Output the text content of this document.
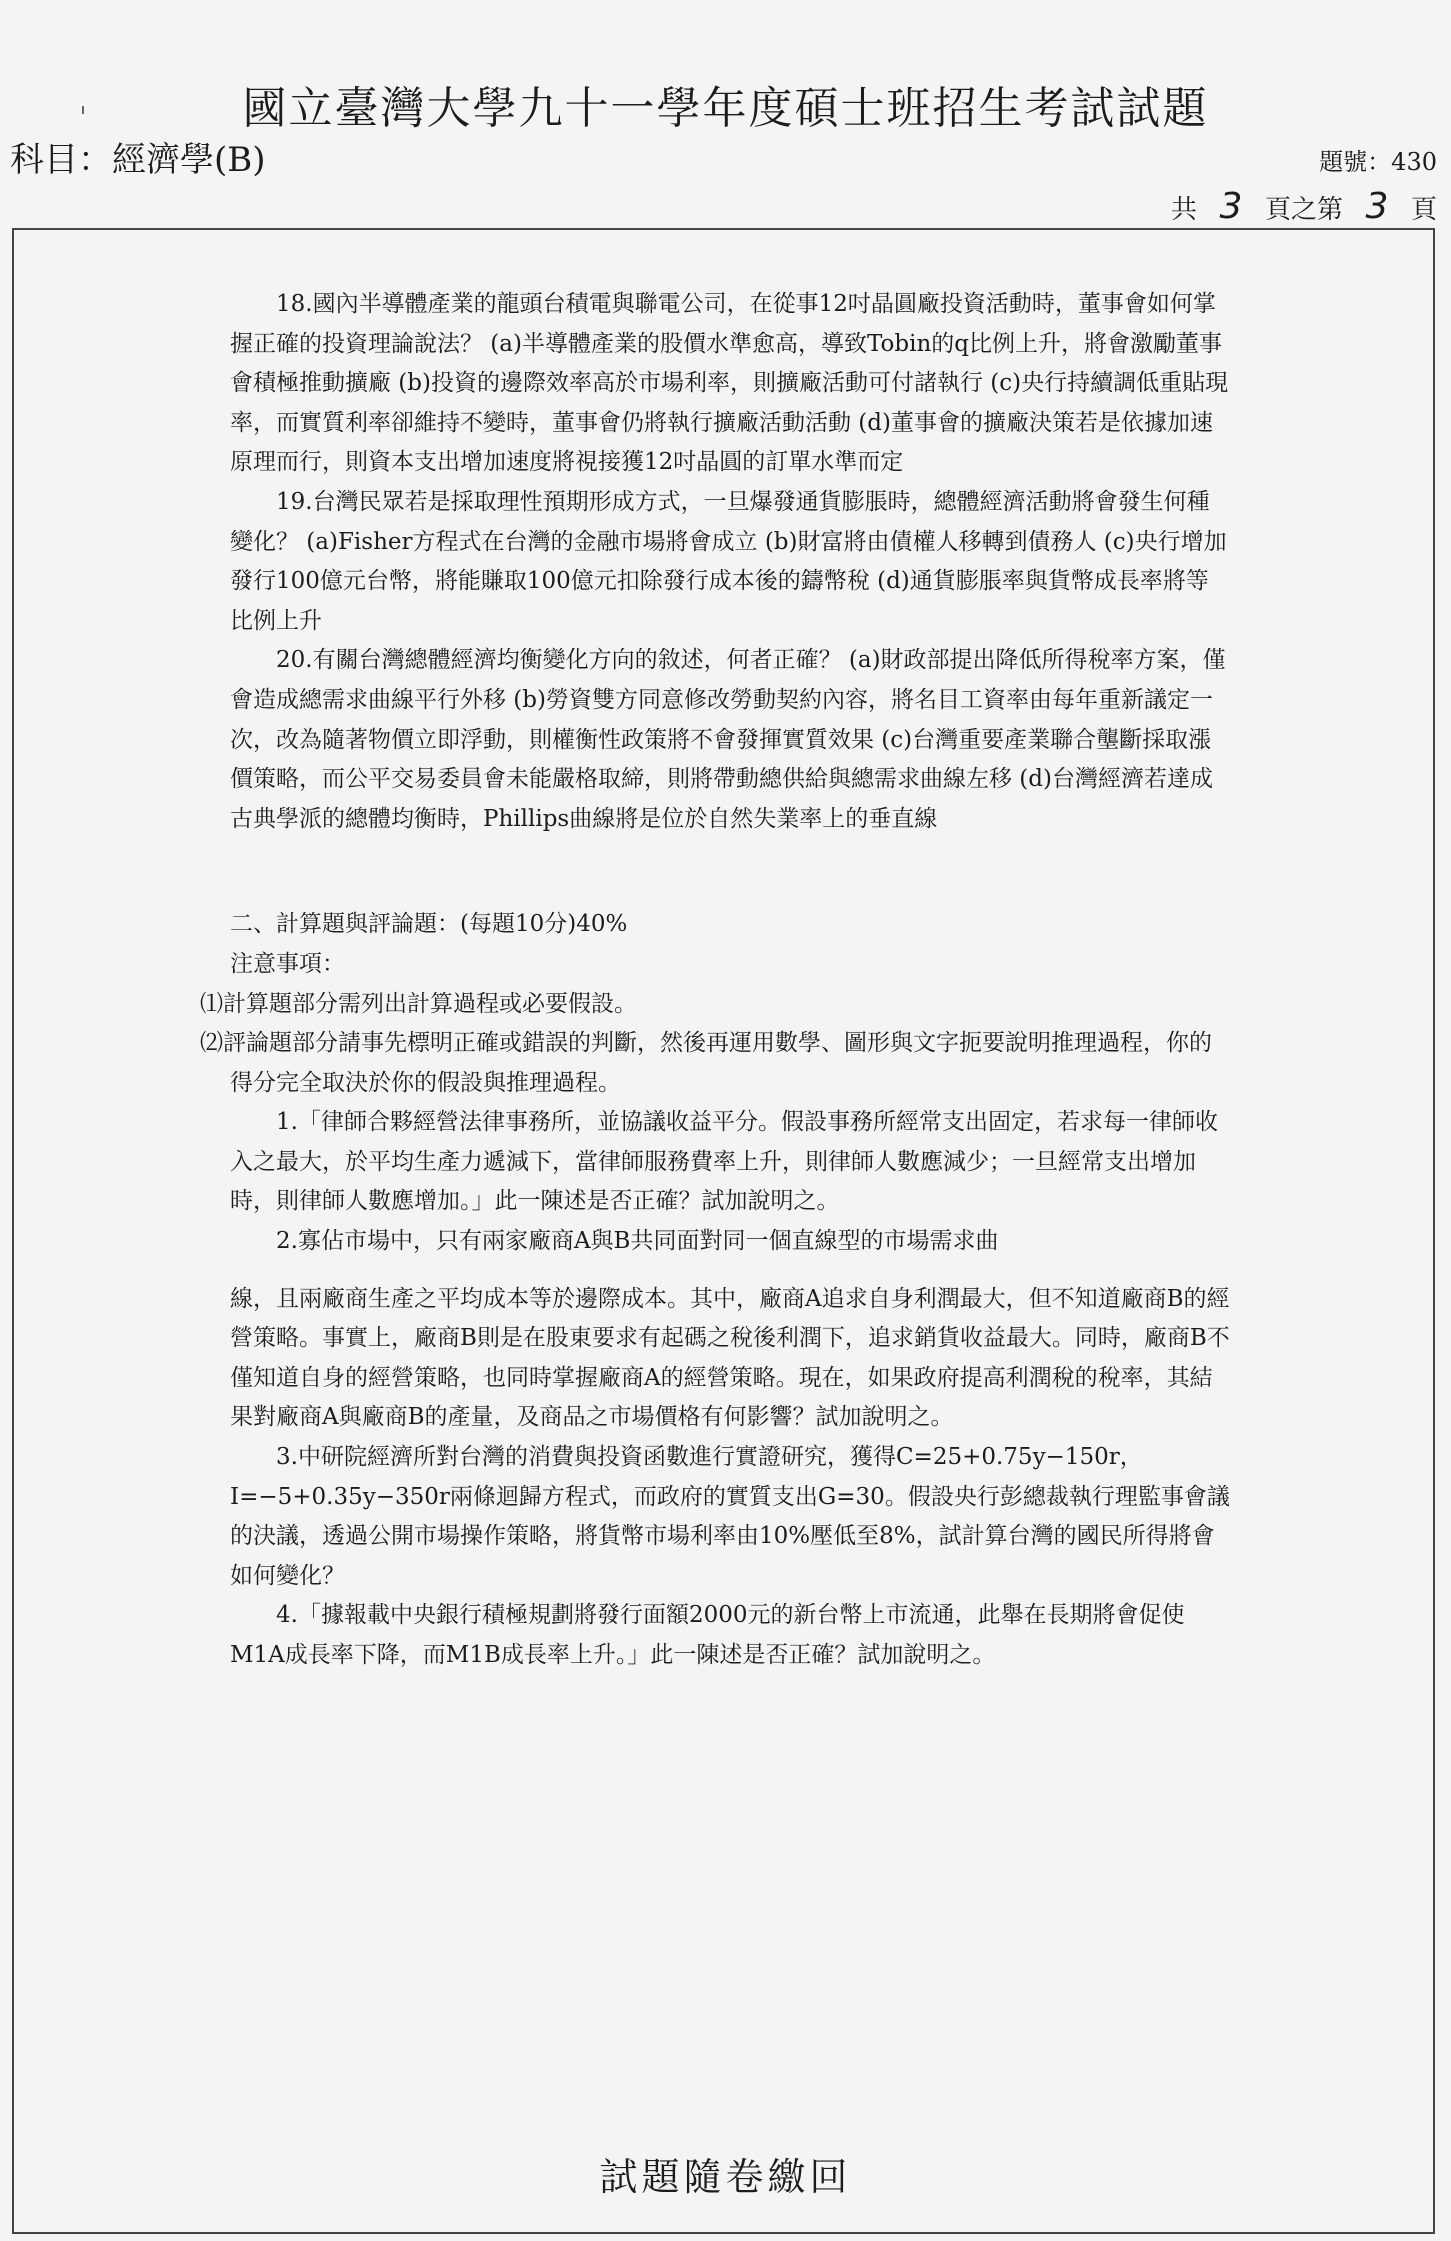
國立臺灣大學九十一學年度碩士班招生考試試題
科目：經濟學(B)	題號：430
共 3 頁之第 3 頁

18.國內半導體產業的龍頭台積電與聯電公司，在從事12吋晶圓廠投資活動時，董事會如何掌握正確的投資理論說法？ (a)半導體產業的股價水準愈高，導致Tobin的q比例上升，將會激勵董事會積極推動擴廠 (b)投資的邊際效率高於市場利率，則擴廠活動可付諸執行 (c)央行持續調低重貼現率，而實質利率卻維持不變時，董事會仍將執行擴廠活動活動 (d)董事會的擴廠決策若是依據加速原理而行，則資本支出增加速度將視接獲12吋晶圓的訂單水準而定

19.台灣民眾若是採取理性預期形成方式，一旦爆發通貨膨脹時，總體經濟活動將會發生何種變化？ (a)Fisher方程式在台灣的金融市場將會成立 (b)財富將由債權人移轉到債務人 (c)央行增加發行100億元台幣，將能賺取100億元扣除發行成本後的鑄幣稅 (d)通貨膨脹率與貨幣成長率將等比例上升

20.有關台灣總體經濟均衡變化方向的敘述，何者正確？ (a)財政部提出降低所得稅率方案，僅會造成總需求曲線平行外移 (b)勞資雙方同意修改勞動契約內容，將名目工資率由每年重新議定一次，改為隨著物價立即浮動，則權衡性政策將不會發揮實質效果 (c)台灣重要產業聯合壟斷採取漲價策略，而公平交易委員會未能嚴格取締，則將帶動總供給與總需求曲線左移 (d)台灣經濟若達成古典學派的總體均衡時，Phillips曲線將是位於自然失業率上的垂直線

二、計算題與評論題：(每題10分)40%

注意事項：

⑴計算題部分需列出計算過程或必要假設。

⑵評論題部分請事先標明正確或錯誤的判斷，然後再運用數學、圖形與文字扼要說明推理過程，你的得分完全取決於你的假設與推理過程。

1.「律師合夥經營法律事務所，並協議收益平分。假設事務所經常支出固定，若求每一律師收入之最大，於平均生產力遞減下，當律師服務費率上升，則律師人數應減少；一旦經常支出增加時，則律師人數應增加。」此一陳述是否正確？試加說明之。

2.寡佔市場中，只有兩家廠商A與B共同面對同一個直線型的市場需求曲

線，且兩廠商生產之平均成本等於邊際成本。其中，廠商A追求自身利潤最大，但不知道廠商B的經營策略。事實上，廠商B則是在股東要求有起碼之稅後利潤下，追求銷貨收益最大。同時，廠商B不僅知道自身的經營策略，也同時掌握廠商A的經營策略。現在，如果政府提高利潤稅的稅率，其結果對廠商A與廠商B的產量，及商品之市場價格有何影響？試加說明之。

3.中研院經濟所對台灣的消費與投資函數進行實證研究，獲得C=25+0.75y−150r，I=−5+0.35y−350r兩條迴歸方程式，而政府的實質支出G=30。假設央行彭總裁執行理監事會議的決議，透過公開市場操作策略，將貨幣市場利率由10%壓低至8%，試計算台灣的國民所得將會如何變化？

4.「據報載中央銀行積極規劃將發行面額2000元的新台幣上市流通，此舉在長期將會促使M1A成長率下降，而M1B成長率上升。」此一陳述是否正確？試加說明之。

試題隨卷繳回
